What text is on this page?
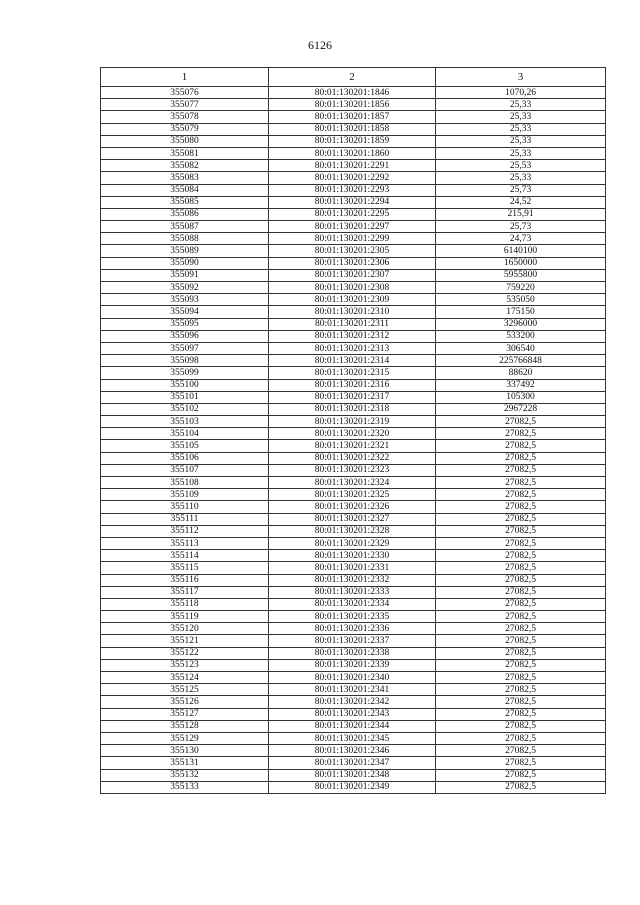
6126
1	2	3
355076	80:01:130201:1846	1070,26
355077	80:01:130201:1856	25,33
355078	80:01:130201:1857	25,33
355079	80:01:130201:1858	25,33
355080	80:01:130201:1859	25,33
355081	80:01:130201:1860	25,33
355082	80:01:130201:2291	25,53
355083	80:01:130201:2292	25,33
355084	80:01:130201:2293	25,73
355085	80:01:130201:2294	24,52
355086	80:01:130201:2295	215,91
355087	80:01:130201:2297	25,73
355088	80:01:130201:2299	24,73
355089	80:01:130201:2305	6140100
355090	80:01:130201:2306	1650000
355091	80:01:130201:2307	5955800
355092	80:01:130201:2308	759220
355093	80:01:130201:2309	535050
355094	80:01:130201:2310	175150
355095	80:01:130201:2311	3296000
355096	80:01:130201:2312	533200
355097	80:01:130201:2313	306540
355098	80:01:130201:2314	225766848
355099	80:01:130201:2315	88620
355100	80:01:130201:2316	337492
355101	80:01:130201:2317	105300
355102	80:01:130201:2318	2967228
355103	80:01:130201:2319	27082,5
355104	80:01:130201:2320	27082,5
355105	80:01:130201:2321	27082,5
355106	80:01:130201:2322	27082,5
355107	80:01:130201:2323	27082,5
355108	80:01:130201:2324	27082,5
355109	80:01:130201:2325	27082,5
355110	80:01:130201:2326	27082,5
355111	80:01:130201:2327	27082,5
355112	80:01:130201:2328	27082,5
355113	80:01:130201:2329	27082,5
355114	80:01:130201:2330	27082,5
355115	80:01:130201:2331	27082,5
355116	80:01:130201:2332	27082,5
355117	80:01:130201:2333	27082,5
355118	80:01:130201:2334	27082,5
355119	80:01:130201:2335	27082,5
355120	80:01:130201:2336	27082,5
355121	80:01:130201:2337	27082,5
355122	80:01:130201:2338	27082,5
355123	80:01:130201:2339	27082,5
355124	80:01:130201:2340	27082,5
355125	80:01:130201:2341	27082,5
355126	80:01:130201:2342	27082,5
355127	80:01:130201:2343	27082,5
355128	80:01:130201:2344	27082,5
355129	80:01:130201:2345	27082,5
355130	80:01:130201:2346	27082,5
355131	80:01:130201:2347	27082,5
355132	80:01:130201:2348	27082,5
355133	80:01:130201:2349	27082,5
